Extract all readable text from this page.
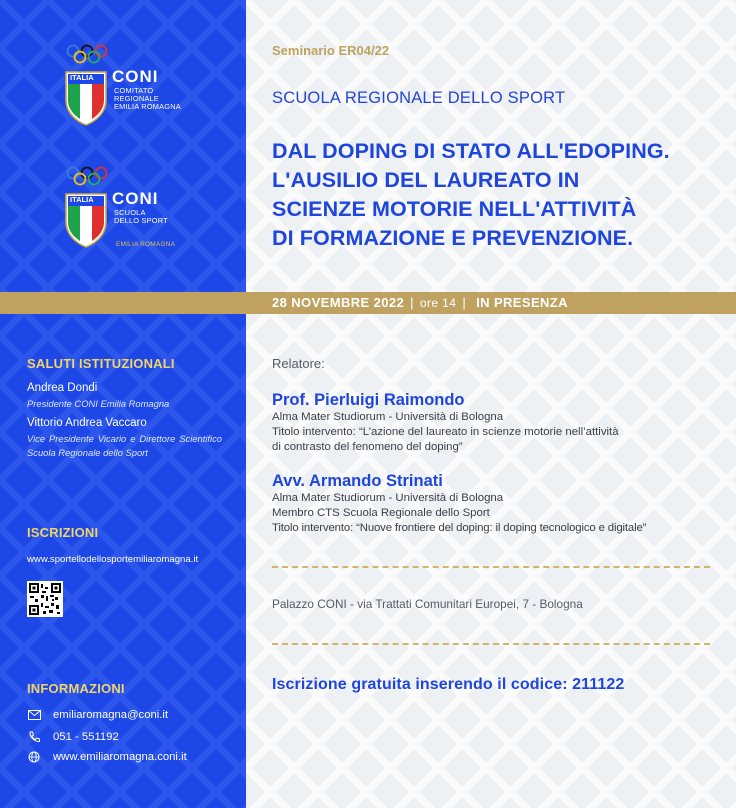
ITALIA CONI
COMITATO
REGIONALE
EMILIA ROMAGNA
ITALIA CONI
SCUOLA
DELLO SPORT
EMILIA ROMAGNA
SALUTI ISTITUZIONALI
Andrea Dondi
Presidente CONI Emilia Romagna
Vittorio Andrea Vaccaro
Vice Presidente Vicario e Direttore Scientifico Scuola Regionale dello Sport
ISCRIZIONI
www.sportellodellosportemiliaromagna.it
INFORMAZIONI
emiliaromagna@coni.it
051 - 551192
www.emiliaromagna.coni.it
Seminario ER04/22
SCUOLA REGIONALE DELLO SPORT
DAL DOPING DI STATO ALL'EDOPING.
L'AUSILIO DEL LAUREATO IN
SCIENZE MOTORIE NELL'ATTIVITÀ
DI FORMAZIONE E PREVENZIONE.
28 NOVEMBRE 2022 | ore 14 | IN PRESENZA
Relatore:
Prof. Pierluigi Raimondo
Alma Mater Studiorum - Università di Bologna
Titolo intervento: “L’azione del laureato in scienze motorie nell’attività
di contrasto del fenomeno del doping”
Avv. Armando Strinati
Alma Mater Studiorum - Università di Bologna
Membro CTS Scuola Regionale dello Sport
Titolo intervento: “Nuove frontiere del doping: il doping tecnologico e digitale”
Palazzo CONI - via Trattati Comunitari Europei, 7 - Bologna
Iscrizione gratuita inserendo il codice: 211122
